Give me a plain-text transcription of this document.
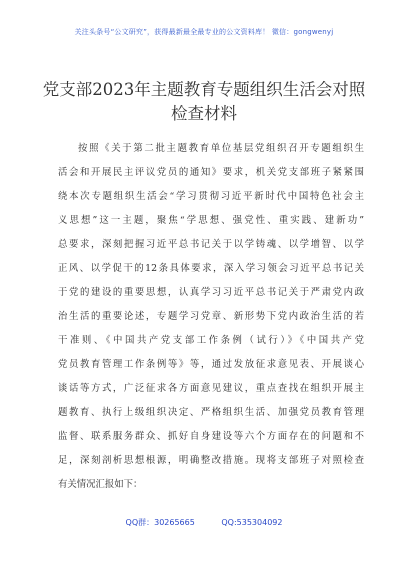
关注头条号“公文研究”，获得最新最全最专业的公文资料库！ 微信：gongwenyj
党支部2023年主题教育专题组织生活会对照检查材料
按照《关于第二批主题教育单位基层党组织召开专题组织生
活会和开展民主评议党员的通知》要求，机关党支部班子紧紧围
绕本次专题组织生活会“学习贯彻习近平新时代中国特色社会主
义思想”这一主题，聚焦“学思想、强党性、重实践、建新功”
总要求，深刻把握习近平总书记关于以学铸魂、以学增智、以学
正风、以学促干的12条具体要求，深入学习领会习近平总书记关
于党的建设的重要思想，认真学习习近平总书记关于严肃党内政
治生活的重要论述，专题学习党章、新形势下党内政治生活的若
干准则、《中国共产党支部工作条例（试行）》《中国共产党
党员教育管理工作条例等》等，通过发放征求意见表、开展谈心
谈话等方式，广泛征求各方面意见建议，重点查找在组织开展主
题教育、执行上级组织决定、严格组织生活、加强党员教育管理
监督、联系服务群众、抓好自身建设等六个方面存在的问题和不
足，深刻剖析思想根源，明确整改措施。现将支部班子对照检查
有关情况汇报如下：
QQ群：30265665	QQ:535304092
